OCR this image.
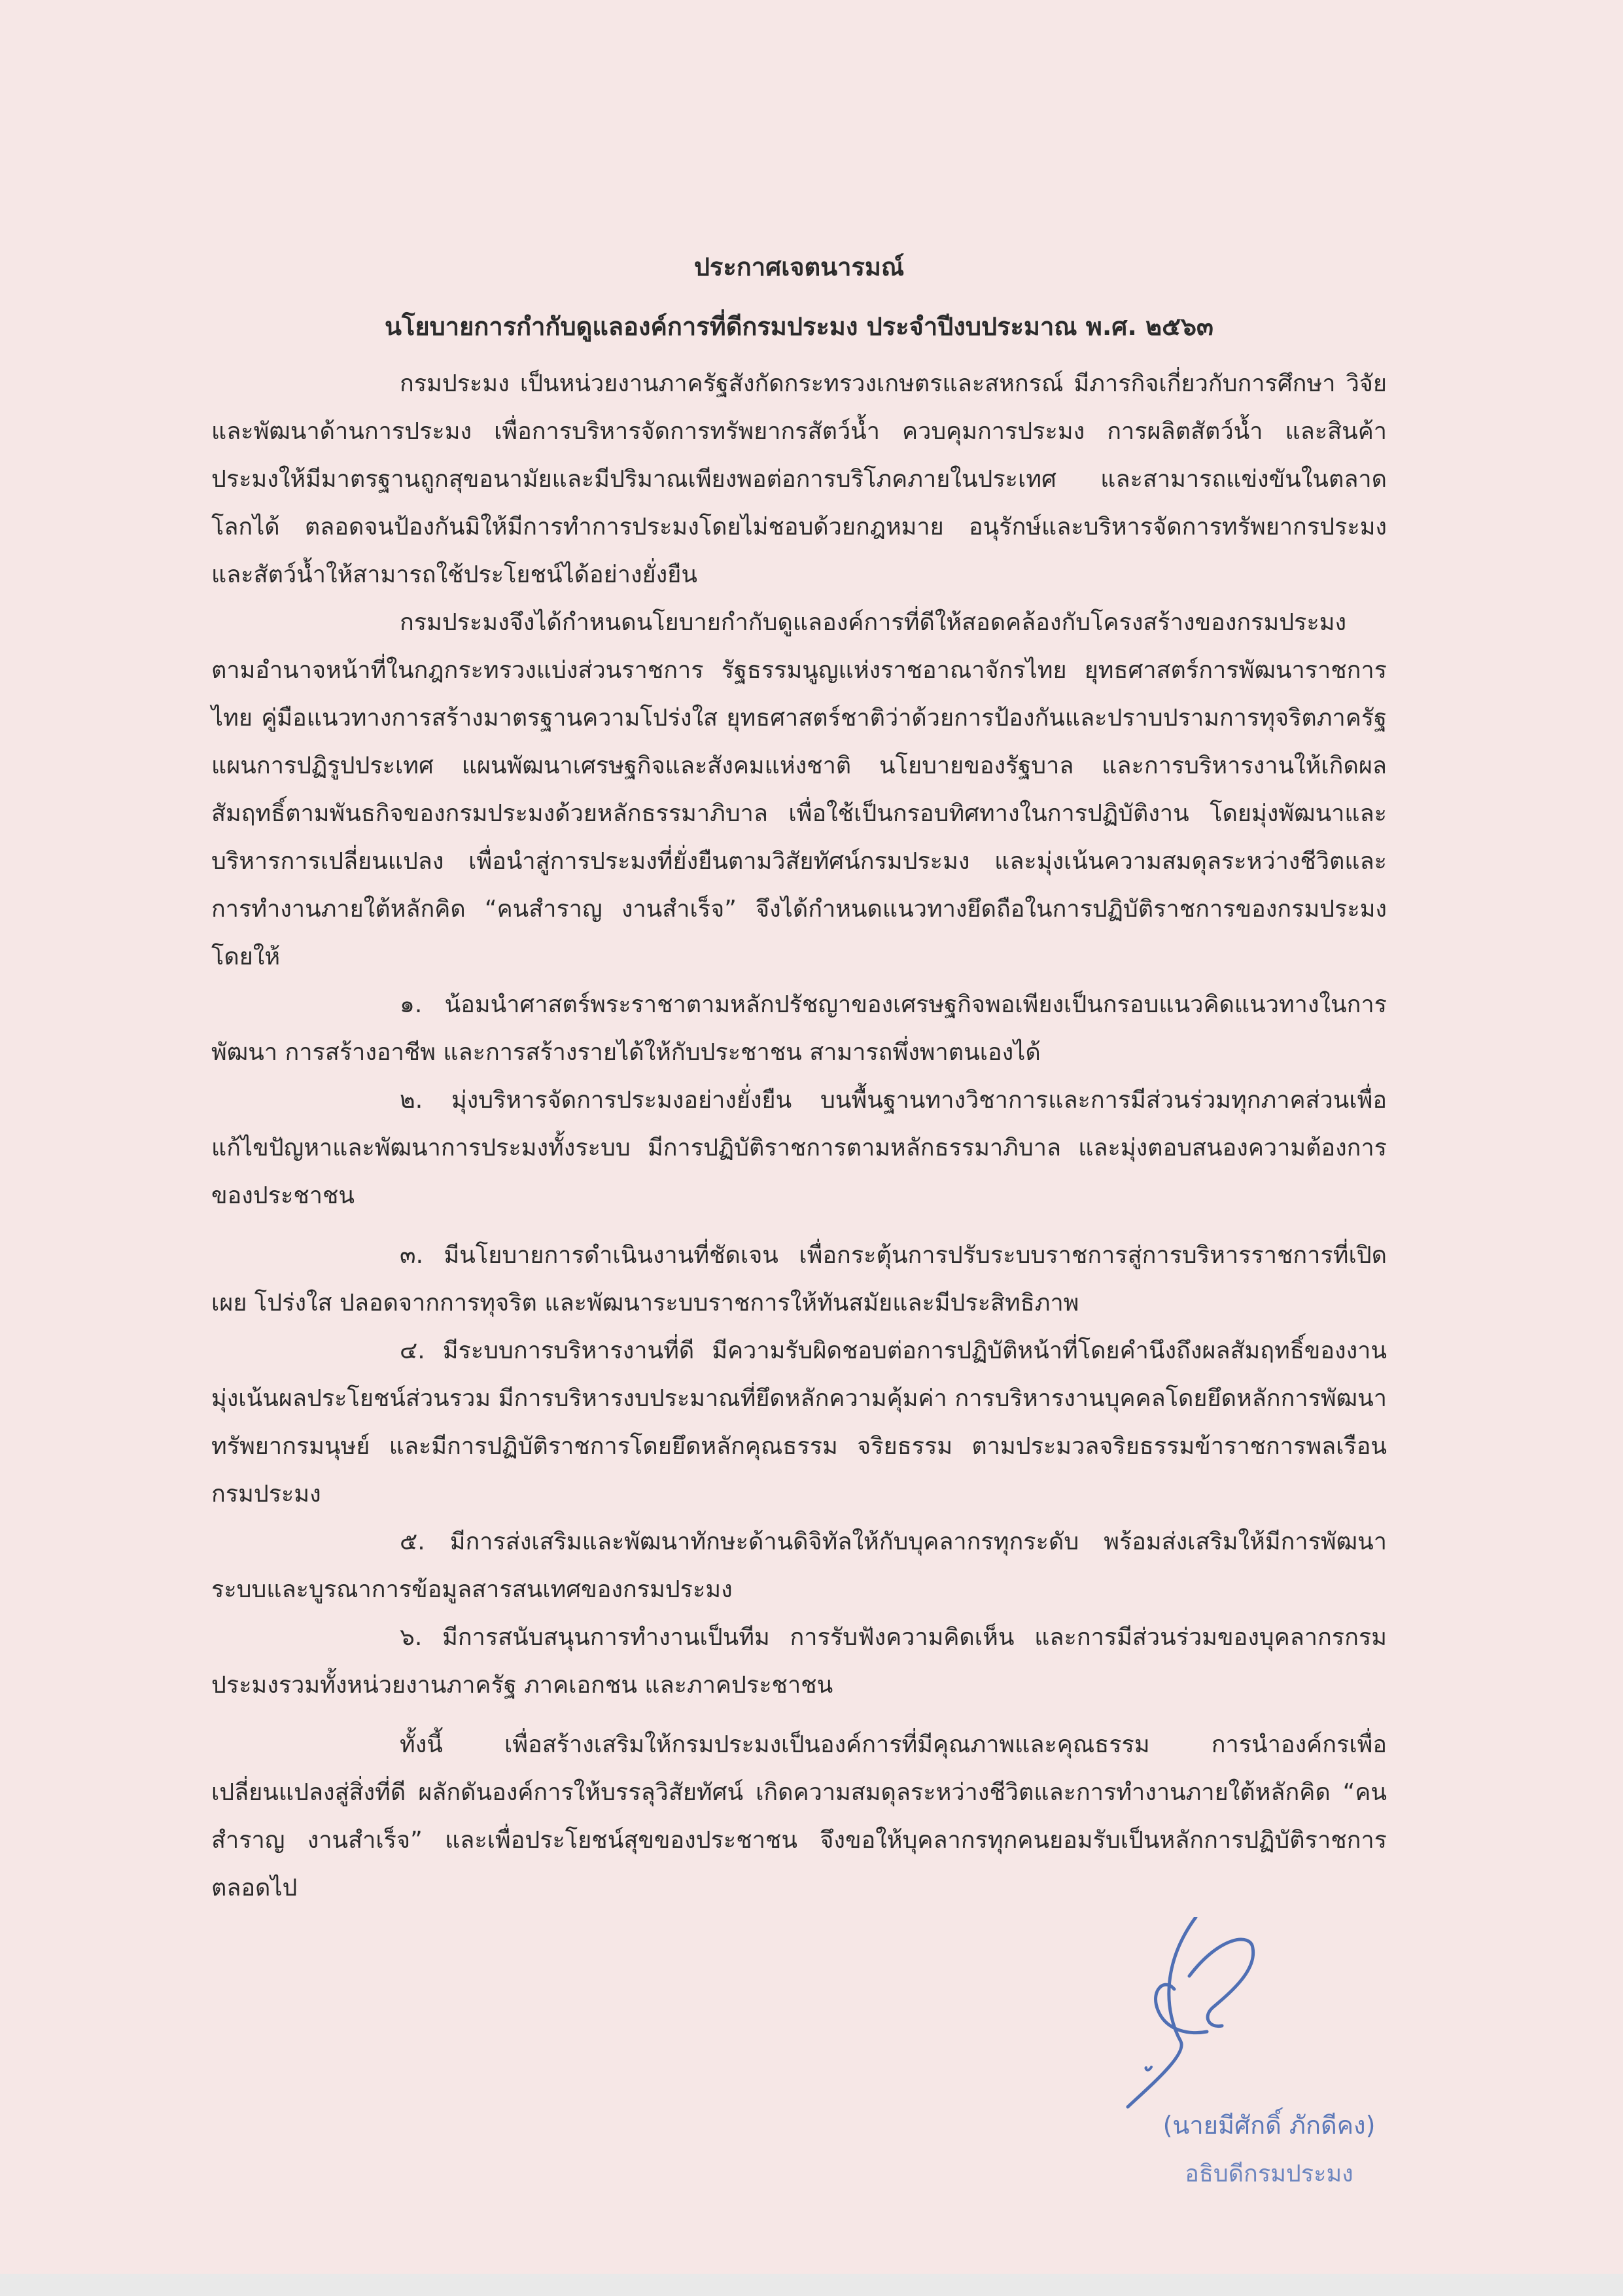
ประกาศเจตนารมณ์
นโยบายการกำกับดูแลองค์การที่ดีกรมประมง ประจำปีงบประมาณ พ.ศ. ๒๕๖๓

กรมประมง เป็นหน่วยงานภาครัฐสังกัดกระทรวงเกษตรและสหกรณ์ มีภารกิจเกี่ยวกับการศึกษา วิจัย และพัฒนาด้านการประมง เพื่อการบริหารจัดการทรัพยากรสัตว์น้ำ ควบคุมการประมง การผลิตสัตว์น้ำ และสินค้าประมงให้มีมาตรฐานถูกสุขอนามัยและมีปริมาณเพียงพอต่อการบริโภคภายในประเทศ และสามารถแข่งขันในตลาดโลกได้ ตลอดจนป้องกันมิให้มีการทำการประมงโดยไม่ชอบด้วยกฎหมาย อนุรักษ์และบริหารจัดการทรัพยากรประมงและสัตว์น้ำให้สามารถใช้ประโยชน์ได้อย่างยั่งยืน

กรมประมงจึงได้กำหนดนโยบายกำกับดูแลองค์การที่ดีให้สอดคล้องกับโครงสร้างของกรมประมงตามอำนาจหน้าที่ในกฎกระทรวงแบ่งส่วนราชการ รัฐธรรมนูญแห่งราชอาณาจักรไทย ยุทธศาสตร์การพัฒนาราชการไทย คู่มือแนวทางการสร้างมาตรฐานความโปร่งใส ยุทธศาสตร์ชาติว่าด้วยการป้องกันและปราบปรามการทุจริตภาครัฐ แผนการปฏิรูปประเทศ แผนพัฒนาเศรษฐกิจและสังคมแห่งชาติ นโยบายของรัฐบาล และการบริหารงานให้เกิดผลสัมฤทธิ์ตามพันธกิจของกรมประมงด้วยหลักธรรมาภิบาล เพื่อใช้เป็นกรอบทิศทางในการปฏิบัติงาน โดยมุ่งพัฒนาและบริหารการเปลี่ยนแปลง เพื่อนำสู่การประมงที่ยั่งยืนตามวิสัยทัศน์กรมประมง และมุ่งเน้นความสมดุลระหว่างชีวิตและการทำงานภายใต้หลักคิด “คนสำราญ งานสำเร็จ” จึงได้กำหนดแนวทางยึดถือในการปฏิบัติราชการของกรมประมงโดยให้

๑. น้อมนำศาสตร์พระราชาตามหลักปรัชญาของเศรษฐกิจพอเพียงเป็นกรอบแนวคิดแนวทางในการพัฒนา การสร้างอาชีพ และการสร้างรายได้ให้กับประชาชน สามารถพึ่งพาตนเองได้

๒. มุ่งบริหารจัดการประมงอย่างยั่งยืน บนพื้นฐานทางวิชาการและการมีส่วนร่วมทุกภาคส่วนเพื่อแก้ไขปัญหาและพัฒนาการประมงทั้งระบบ มีการปฏิบัติราชการตามหลักธรรมาภิบาล และมุ่งตอบสนองความต้องการของประชาชน

๓. มีนโยบายการดำเนินงานที่ชัดเจน เพื่อกระตุ้นการปรับระบบราชการสู่การบริหารราชการที่เปิดเผย โปร่งใส ปลอดจากการทุจริต และพัฒนาระบบราชการให้ทันสมัยและมีประสิทธิภาพ

๔. มีระบบการบริหารงานที่ดี มีความรับผิดชอบต่อการปฏิบัติหน้าที่โดยคำนึงถึงผลสัมฤทธิ์ของงาน มุ่งเน้นผลประโยชน์ส่วนรวม มีการบริหารงบประมาณที่ยึดหลักความคุ้มค่า การบริหารงานบุคคลโดยยึดหลักการพัฒนาทรัพยากรมนุษย์ และมีการปฏิบัติราชการโดยยึดหลักคุณธรรม จริยธรรม ตามประมวลจริยธรรมข้าราชการพลเรือนกรมประมง

๕. มีการส่งเสริมและพัฒนาทักษะด้านดิจิทัลให้กับบุคลากรทุกระดับ พร้อมส่งเสริมให้มีการพัฒนาระบบและบูรณาการข้อมูลสารสนเทศของกรมประมง

๖. มีการสนับสนุนการทำงานเป็นทีม การรับฟังความคิดเห็น และการมีส่วนร่วมของบุคลากรกรมประมงรวมทั้งหน่วยงานภาครัฐ ภาคเอกชน และภาคประชาชน

ทั้งนี้ เพื่อสร้างเสริมให้กรมประมงเป็นองค์การที่มีคุณภาพและคุณธรรม การนำองค์กรเพื่อเปลี่ยนแปลงสู่สิ่งที่ดี ผลักดันองค์การให้บรรลุวิสัยทัศน์ เกิดความสมดุลระหว่างชีวิตและการทำงานภายใต้หลักคิด “คนสำราญ งานสำเร็จ” และเพื่อประโยชน์สุขของประชาชน จึงขอให้บุคลากรทุกคนยอมรับเป็นหลักการปฏิบัติราชการตลอดไป

(นายมีศักดิ์ ภักดีคง)
อธิบดีกรมประมง
